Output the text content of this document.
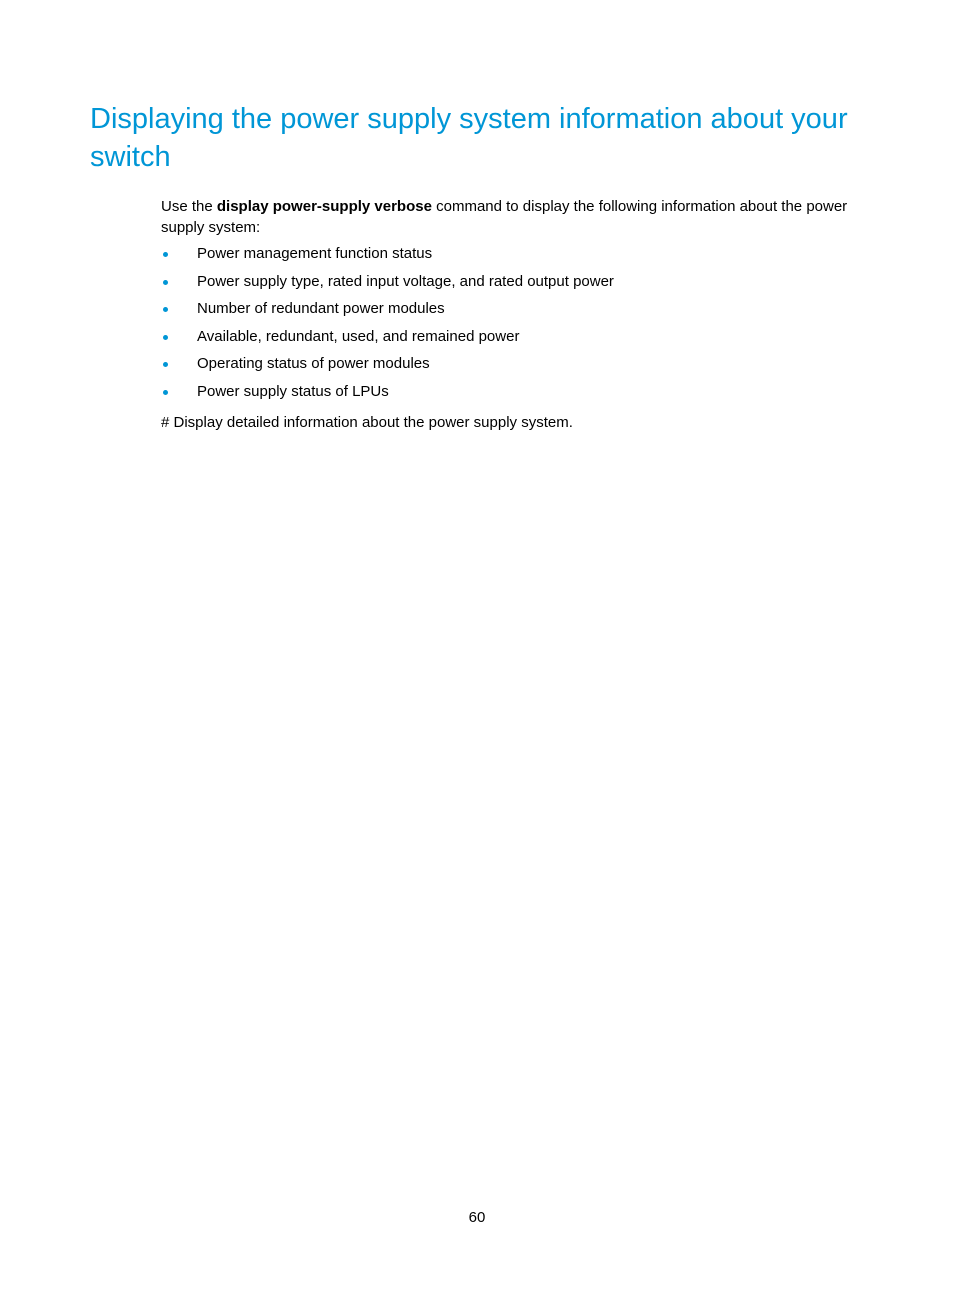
Displaying the power supply system information about your switch

Use the display power-supply verbose command to display the following information about the power supply system:

Power management function status
Power supply type, rated input voltage, and rated output power
Number of redundant power modules
Available, redundant, used, and remained power
Operating status of power modules
Power supply status of LPUs

# Display detailed information about the power supply system.

60
